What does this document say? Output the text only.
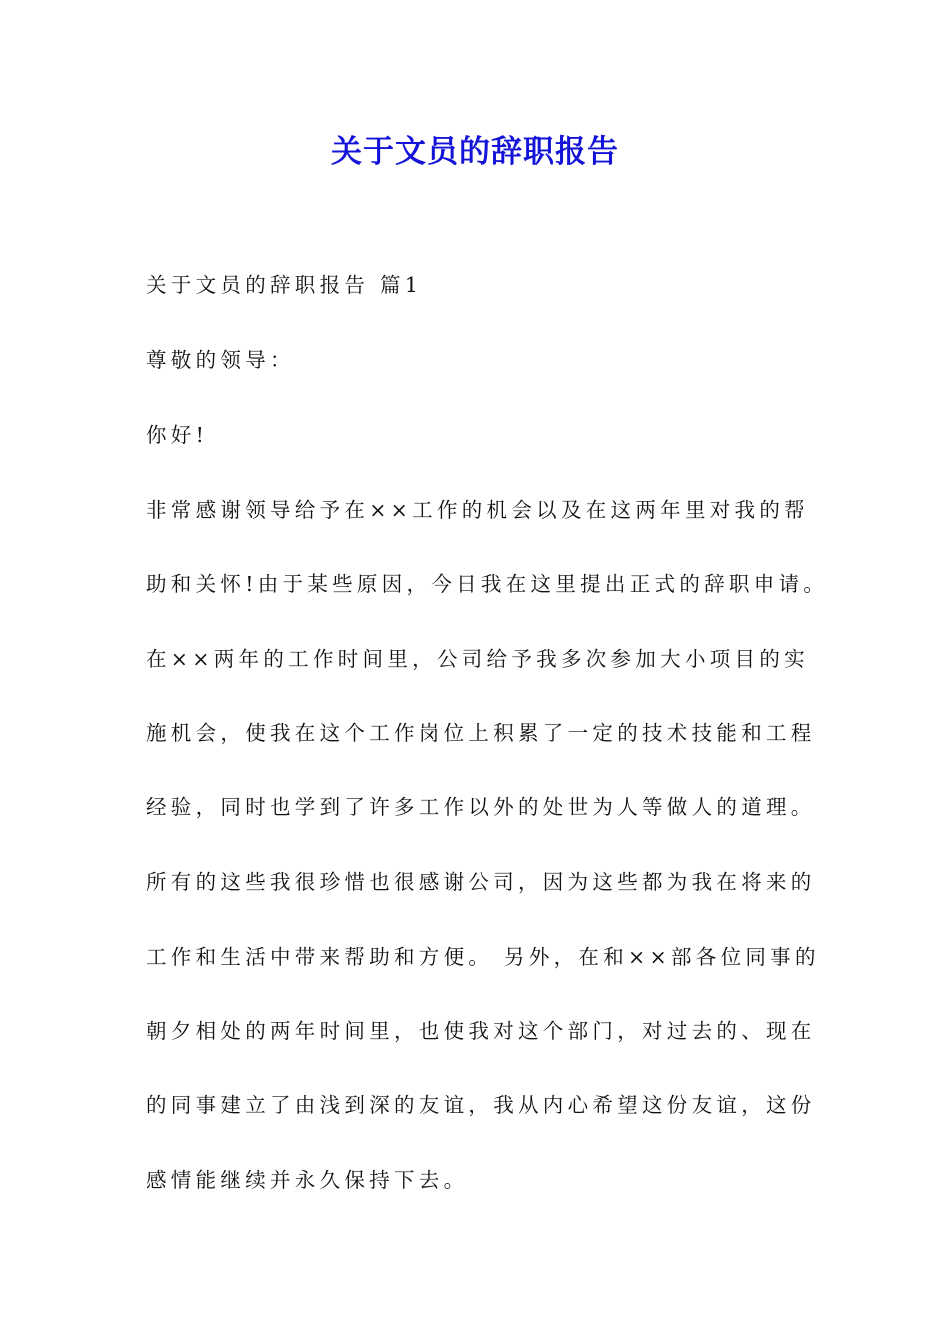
关于文员的辞职报告

关于文员的辞职报告 篇1

尊敬的领导：

你好!

非常感谢领导给予在××工作的机会以及在这两年里对我的帮

助和关怀!由于某些原因，今日我在这里提出正式的辞职申请。

在××两年的工作时间里，公司给予我多次参加大小项目的实

施机会，使我在这个工作岗位上积累了一定的技术技能和工程

经验，同时也学到了许多工作以外的处世为人等做人的道理。

所有的这些我很珍惜也很感谢公司，因为这些都为我在将来的

工作和生活中带来帮助和方便。 另外，在和××部各位同事的

朝夕相处的两年时间里，也使我对这个部门，对过去的、现在

的同事建立了由浅到深的友谊，我从内心希望这份友谊，这份

感情能继续并永久保持下去。
